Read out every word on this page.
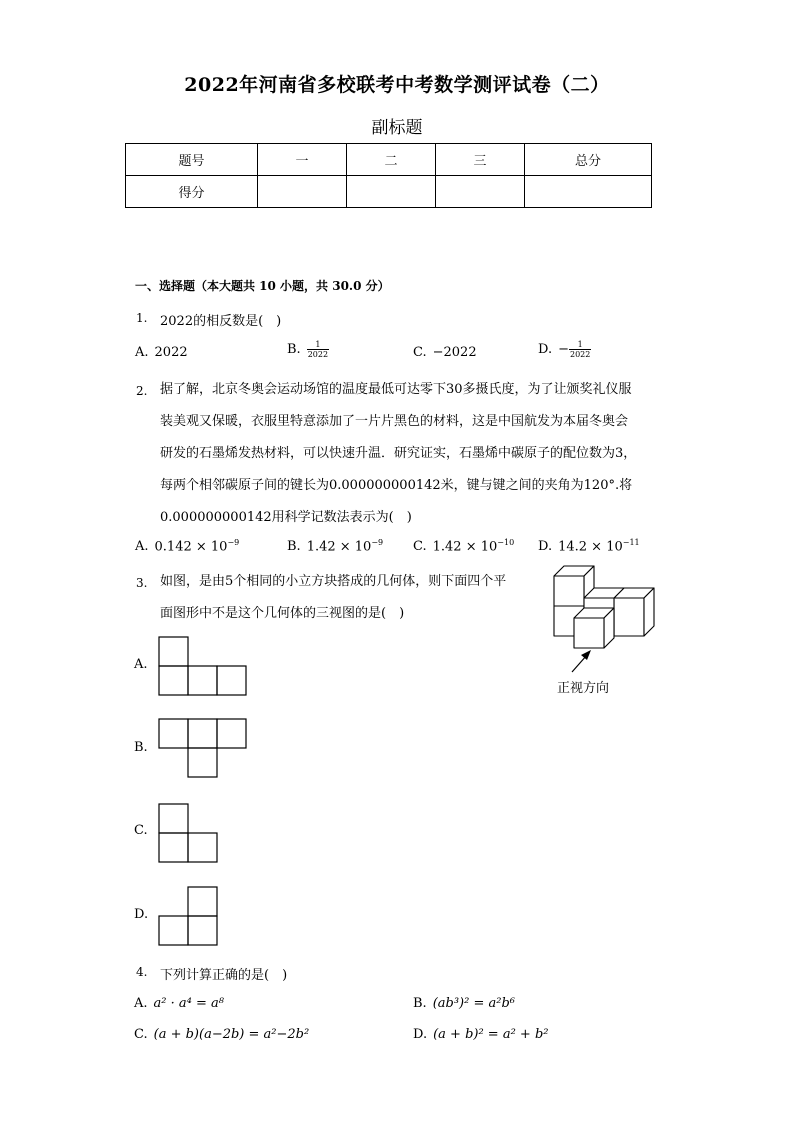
2022年河南省多校联考中考数学测评试卷（二）
副标题
题号	一	二	三	总分
得分				
一、选择题（本大题共 10 小题，共 30.0 分）
1. 2022的相反数是(　)
A. 2022	B. $\frac{1}{2022}$	C. −2022	D. − $\frac{1}{2022}$
2. 据了解，北京冬奥会运动场馆的温度最低可达零下30多摄氏度，为了让颁奖礼仪服
装美观又保暖，衣服里特意添加了一片片黑色的材料，这是中国航发为本届冬奥会
研发的石墨烯发热材料，可以快速升温．研究证实，石墨烯中碳原子的配位数为3，
每两个相邻碳原子间的键长为0.000000000142米，键与键之间的夹角为120°.将
0.000000000142用科学记数法表示为(　)
A. $0.142 \times 10^{-9}$	B. $1.42 \times 10^{-9}$ C. $1.42 \times 10^{-10}$ D. $14.2 \times 10^{-11}$
3. 如图，是由5个相同的小立方块搭成的几何体，则下面四个平
面图形中不是这个几何体的三视图的是(　)
正视方向
A.
B.
C.
D.
4. 下列计算正确的是(　)
A. a² · a⁴ = a⁸	B. (ab³)² = a²b⁶
C. (a + b)(a−2b) = a²−2b²	D. (a + b)² = a² + b²
